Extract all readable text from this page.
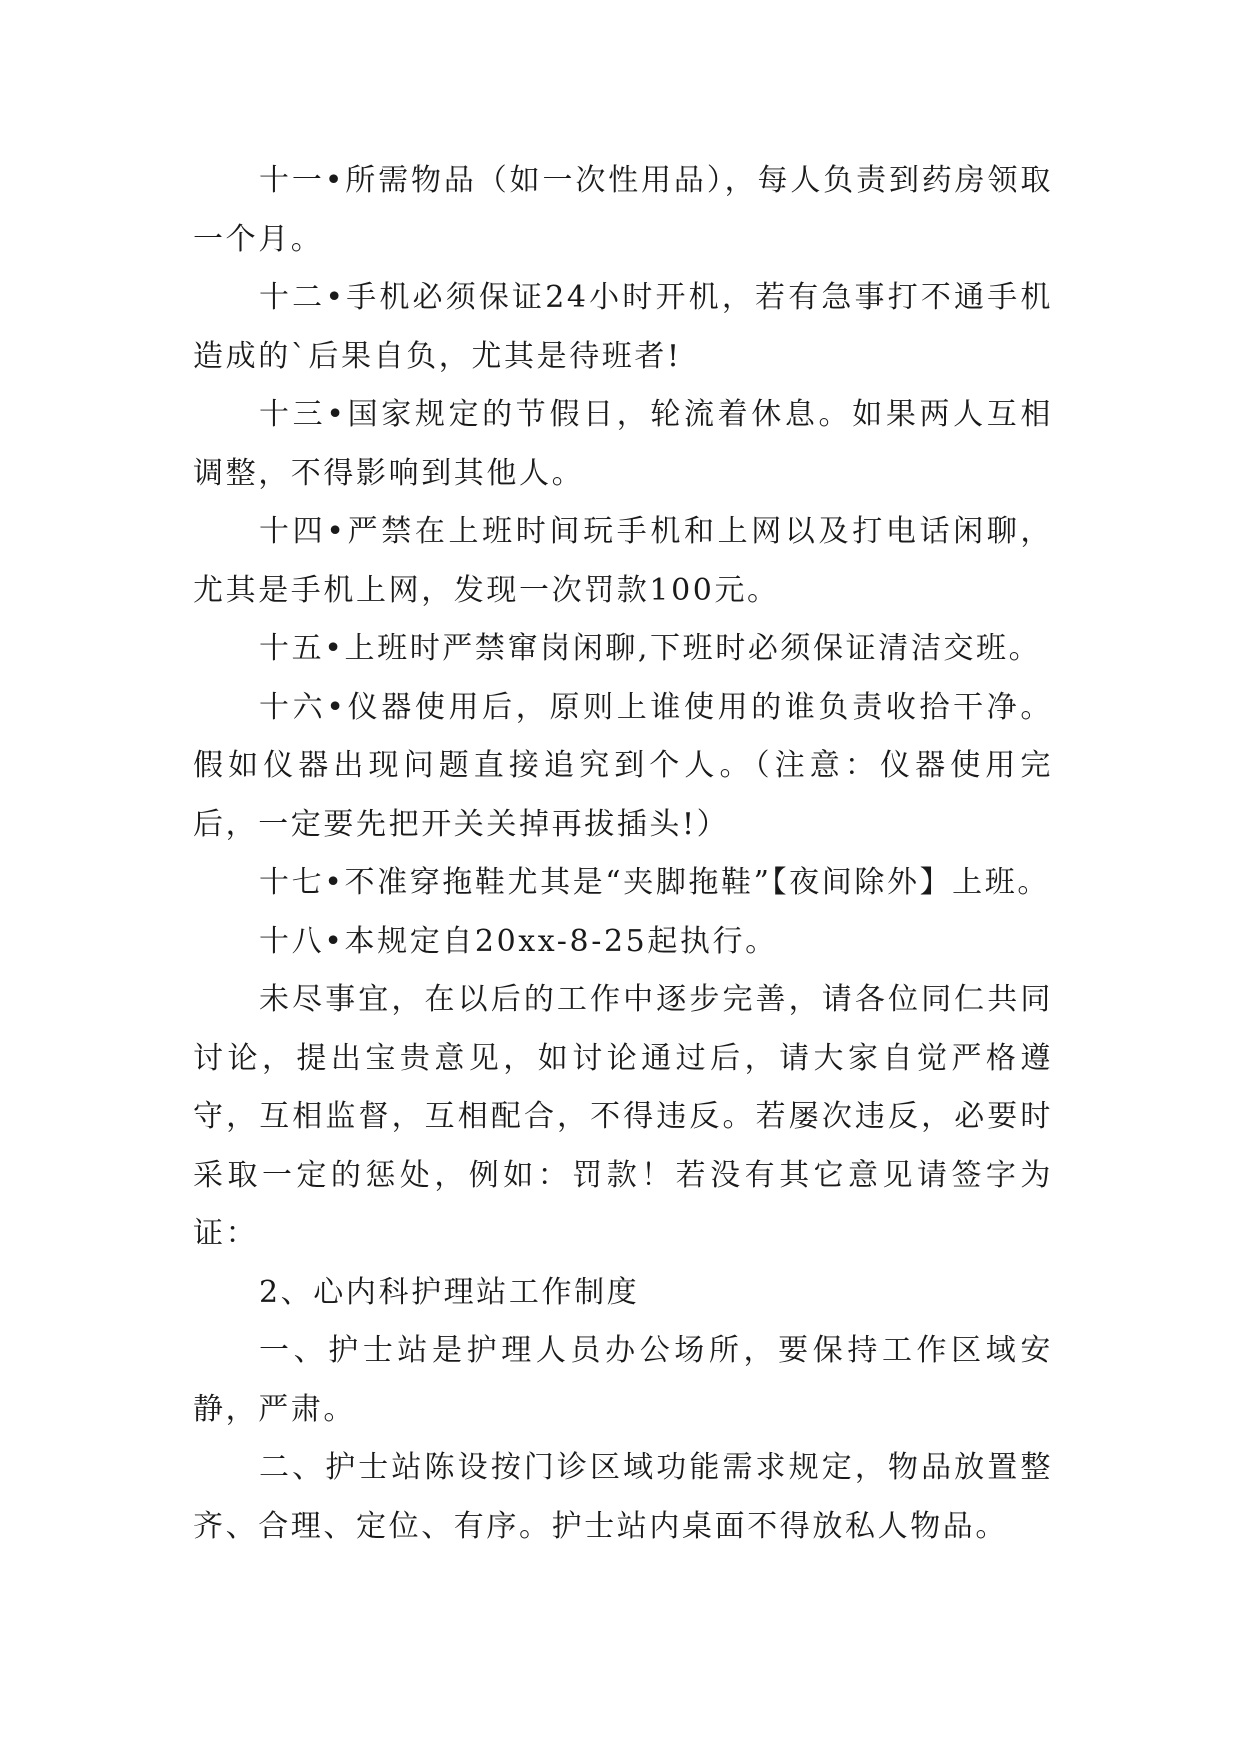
十一•所需物品（如一次性用品），每人负责到药房领取一个月。

十二•手机必须保证24小时开机，若有急事打不通手机造成的`后果自负，尤其是待班者!

十三•国家规定的节假日，轮流着休息。如果两人互相调整，不得影响到其他人。

十四•严禁在上班时间玩手机和上网以及打电话闲聊，尤其是手机上网，发现一次罚款100元。

十五•上班时严禁窜岗闲聊,下班时必须保证清洁交班。

十六•仪器使用后，原则上谁使用的谁负责收拾干净。假如仪器出现问题直接追究到个人。（注意：仪器使用完后，一定要先把开关关掉再拔插头!）

十七•不准穿拖鞋尤其是“夹脚拖鞋”【夜间除外】上班。

十八•本规定自20xx-8-25起执行。

未尽事宜，在以后的工作中逐步完善，请各位同仁共同讨论，提出宝贵意见，如讨论通过后，请大家自觉严格遵守，互相监督，互相配合，不得违反。若屡次违反，必要时采取一定的惩处，例如：罚款！若没有其它意见请签字为证：

2、心内科护理站工作制度

一、护士站是护理人员办公场所，要保持工作区域安静，严肃。

二、护士站陈设按门诊区域功能需求规定，物品放置整齐、合理、定位、有序。护士站内桌面不得放私人物品。
